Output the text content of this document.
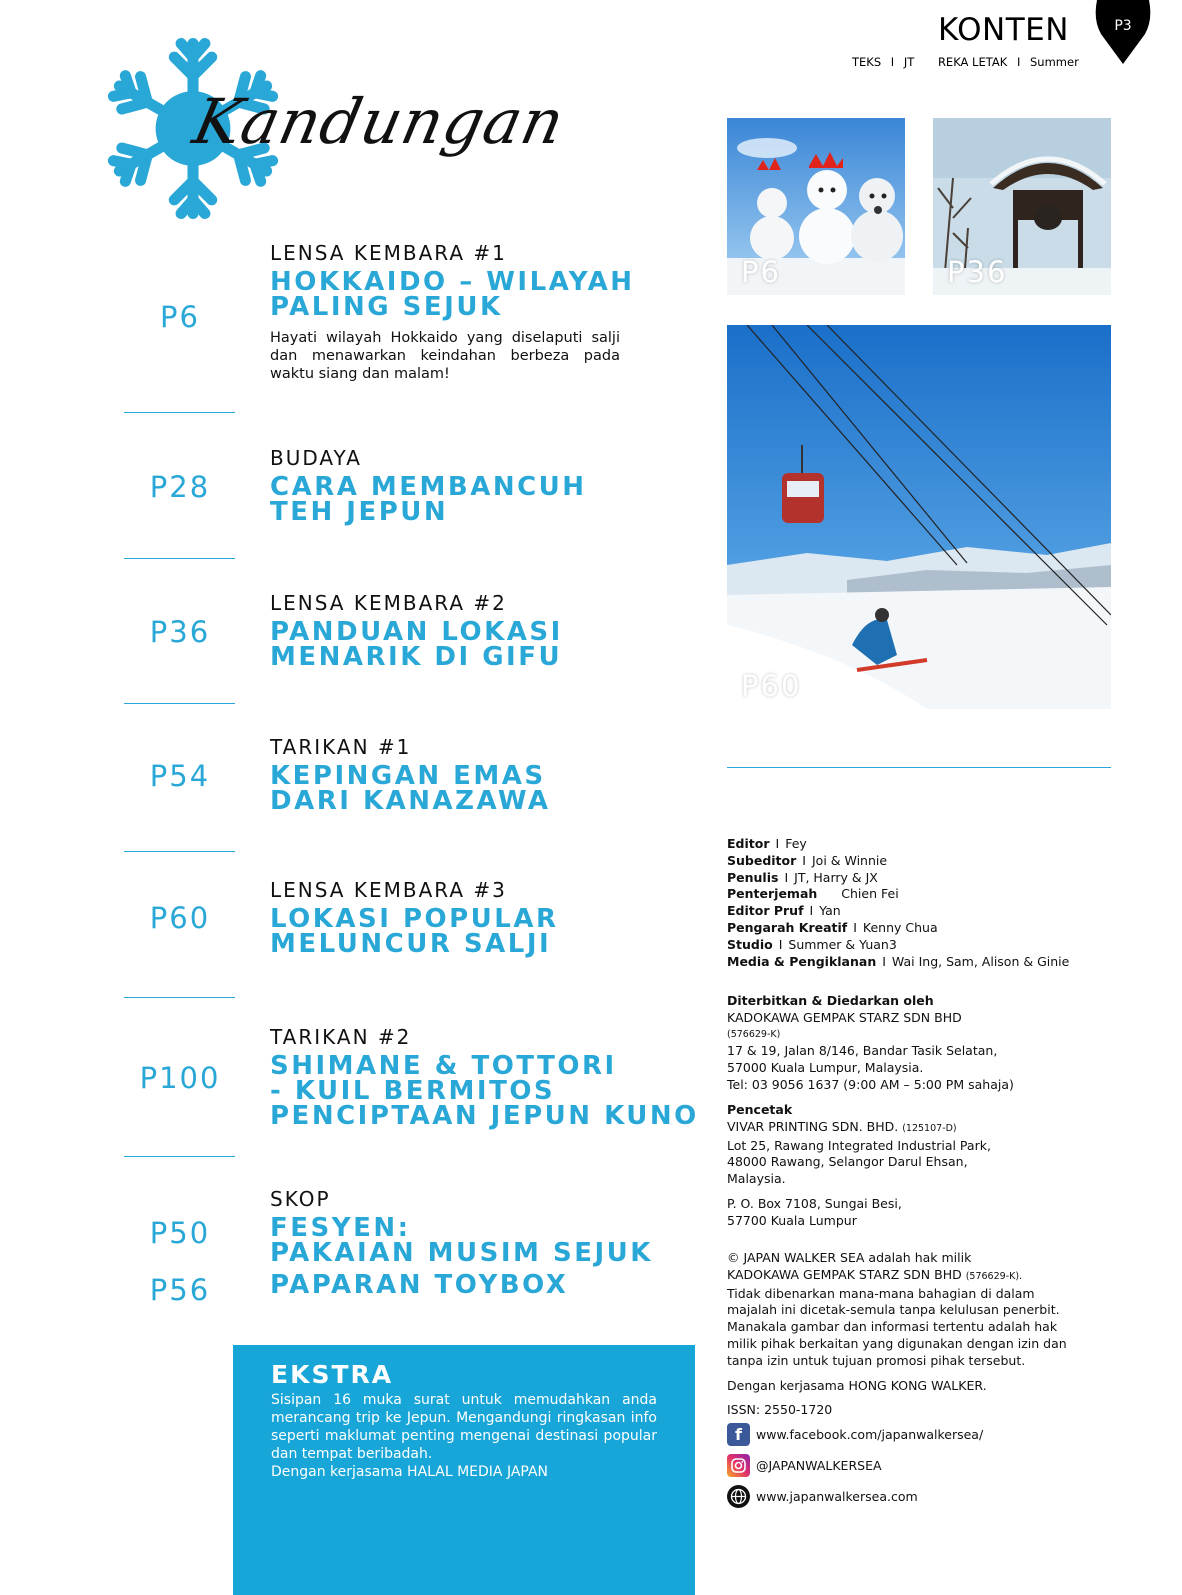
KONTEN
TEKS I JT REKA LETAK I Summer
P3
Kandungan
P6
LENSA KEMBARA #1
HOKKAIDO – WILAYAH
PALING SEJUK
Hayati wilayah Hokkaido yang diselaputi salji dan menawarkan keindahan berbeza pada waktu siang dan malam!
P28
BUDAYA
CARA MEMBANCUH
TEH JEPUN
P36
LENSA KEMBARA #2
PANDUAN LOKASI
MENARIK DI GIFU
P54
TARIKAN #1
KEPINGAN EMAS
DARI KANAZAWA
P60
LENSA KEMBARA #3
LOKASI POPULAR
MELUNCUR SALJI
P100
TARIKAN #2
SHIMANE & TOTTORI
- KUIL BERMITOS
PENCIPTAAN JEPUN KUNO
SKOP
P50	FESYEN:
PAKAIAN MUSIM SEJUK
P56	PAPARAN TOYBOX
EKSTRA

Sisipan 16 muka surat untuk memudahkan anda merancang trip ke Jepun. Mengandungi ringkasan info seperti maklumat penting mengenai destinasi popular dan tempat beribadah.

Dengan kerjasama HALAL MEDIA JAPAN

P6	P36
P60
Editor I Fey
Subeditor I Joi & Winnie
Penulis I JT, Harry & JX
Penterjemah Chien Fei
Editor Pruf I Yan
Pengarah Kreatif I Kenny Chua
Studio I Summer & Yuan3
Media & Pengiklanan I Wai Ing, Sam, Alison & Ginie
Diterbitkan & Diedarkan oleh
KADOKAWA GEMPAK STARZ SDN BHD
(576629-K)
17 & 19, Jalan 8/146, Bandar Tasik Selatan,
57000 Kuala Lumpur, Malaysia.
Tel: 03 9056 1637 (9:00 AM – 5:00 PM sahaja)
Pencetak
VIVAR PRINTING SDN. BHD. (125107-D)
Lot 25, Rawang Integrated Industrial Park,
48000 Rawang, Selangor Darul Ehsan,
Malaysia.
P. O. Box 7108, Sungai Besi,
57700 Kuala Lumpur
© JAPAN WALKER SEA adalah hak milik
KADOKAWA GEMPAK STARZ SDN BHD (576629-K).
Tidak dibenarkan mana-mana bahagian di dalam
majalah ini dicetak-semula tanpa kelulusan penerbit.
Manakala gambar dan informasi tertentu adalah hak
milik pihak berkaitan yang digunakan dengan izin dan
tanpa izin untuk tujuan promosi pihak tersebut.
Dengan kerjasama HONG KONG WALKER.
ISSN: 2550-1720
f	www.facebook.com/japanwalkersea/
@JAPANWALKERSEA
www.japanwalkersea.com
